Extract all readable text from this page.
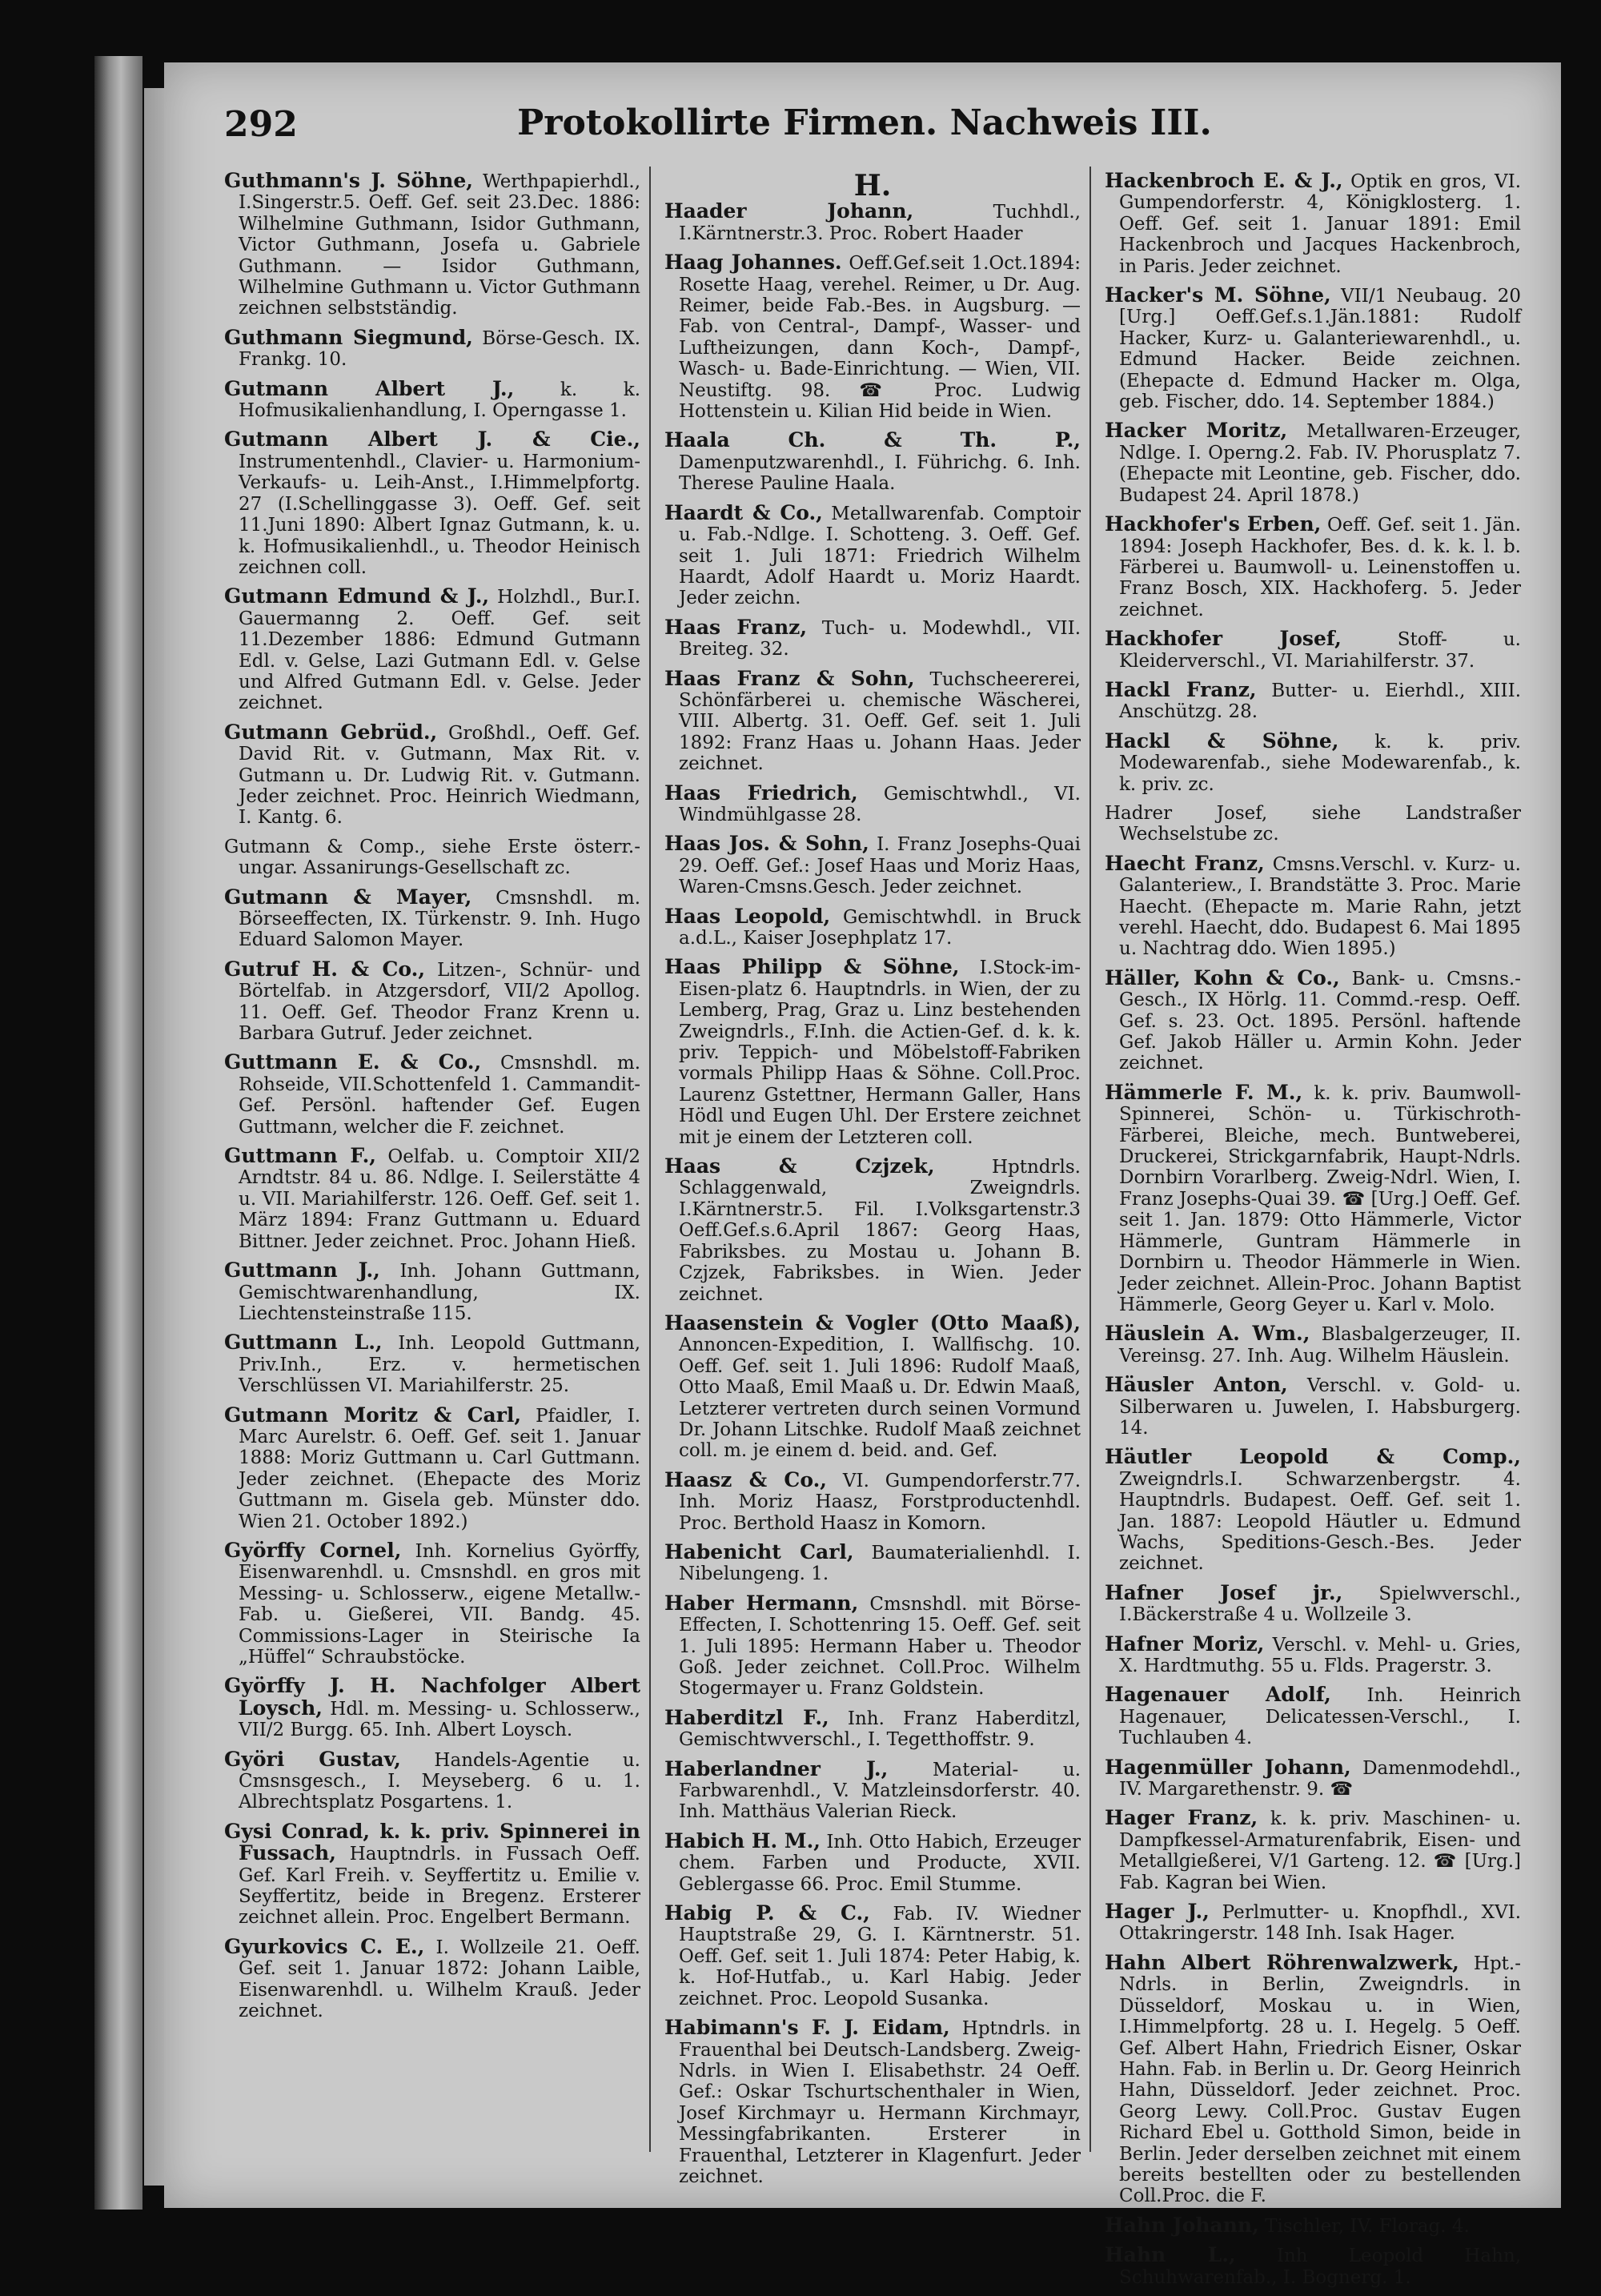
292	Protokollirte Firmen. Nachweis III.
Guthmann's J. Söhne, Werthpapierhdl., I.Singerstr.5. Oeff. Gef. seit 23.Dec. 1886: Wilhelmine Guthmann, Isidor Guthmann, Victor Guthmann, Josefa u. Gabriele Guthmann. — Isidor Guthmann, Wilhelmine Guthmann u. Victor Guthmann zeichnen selbstständig.
Guthmann Siegmund, Börse-Gesch. IX. Frankg. 10.
Gutmann Albert J.,	k. k. Hofmusikalienhandlung, I. Operngasse 1.
Gutmann Albert J. & Cie., Instrumentenhdl., Clavier- u. Harmonium-Verkaufs- u. Leih-Anst., I.Himmelpfortg. 27 (I.Schellinggasse 3). Oeff. Gef. seit 11.Juni 1890: Albert Ignaz Gutmann, k. u. k. Hofmusikalienhdl., u. Theodor Heinisch zeichnen coll.
Gutmann Edmund & J., Holzhdl., Bur.I. Gauermanng 2. Oeff. Gef. seit 11.Dezember 1886: Edmund Gutmann Edl. v. Gelse, Lazi Gutmann Edl. v. Gelse und Alfred Gutmann Edl. v. Gelse. Jeder zeichnet.
Gutmann Gebrüd., Großhdl., Oeff. Gef. David Rit. v. Gutmann, Max Rit. v. Gutmann u. Dr. Ludwig Rit. v. Gutmann. Jeder zeichnet. Proc. Heinrich Wiedmann, I. Kantg. 6.
Gutmann & Comp., siehe Erste österr.-ungar. Assanirungs-Gesellschaft zc.
Gutmann & Mayer, Cmsnshdl. m. Börseeffecten, IX. Türkenstr. 9. Inh. Hugo Eduard Salomon Mayer.
Gutruf H. & Co., Litzen-, Schnür- und Börtelfab. in Atzgersdorf, VII/2 Apollog. 11. Oeff. Gef. Theodor Franz Krenn u. Barbara Gutruf. Jeder zeichnet.
Guttmann E. & Co., Cmsnshdl. m. Rohseide, VII.Schottenfeld 1. Cammandit-Gef. Persönl. haftender Gef. Eugen Guttmann, welcher die F. zeichnet.
Guttmann F., Oelfab. u. Comptoir XII/2 Arndtstr. 84 u. 86. Ndlge. I. Seilerstätte 4 u. VII. Mariahilferstr. 126. Oeff. Gef. seit 1. März 1894: Franz Guttmann u. Eduard Bittner. Jeder zeichnet. Proc. Johann Hieß.
Guttmann J., Inh. Johann Guttmann, Gemischtwarenhandlung, IX. Liechtensteinstraße 115.
Guttmann L., Inh. Leopold Guttmann, Priv.Inh., Erz. v. hermetischen Verschlüssen VI. Mariahilferstr. 25.
Gutmann Moritz & Carl, Pfaidler, I. Marc Aurelstr. 6. Oeff. Gef. seit 1. Januar 1888: Moriz Guttmann u. Carl Guttmann. Jeder zeichnet. (Ehepacte des Moriz Guttmann m. Gisela geb. Münster ddo. Wien 21. October 1892.)
Györffy Cornel, Inh. Kornelius Györffy, Eisenwarenhdl. u. Cmsnshdl. en gros mit Messing- u. Schlosserw., eigene Metallw.-Fab. u. Gießerei, VII. Bandg. 45. Commissions-Lager in Steirische Ia „Hüffel“ Schraubstöcke.
Györffy J. H. Nachfolger Albert Loysch, Hdl. m. Messing- u. Schlosserw., VII/2 Burgg. 65. Inh. Albert Loysch.
Györi Gustav, Handels-Agentie u. Cmsnsgesch., I. Meyseberg. 6 u. 1. Albrechtsplatz Posgartens. 1.
Gysi Conrad, k. k. priv. Spinnerei in Fussach, Hauptndrls. in Fussach Oeff. Gef. Karl Freih. v. Seyffertitz u. Emilie v. Seyffertitz, beide in Bregenz. Ersterer zeichnet allein. Proc. Engelbert Bermann.
Gyurkovics C. E., I. Wollzeile 21. Oeff. Gef. seit 1. Januar 1872: Johann Laible, Eisenwarenhdl. u. Wilhelm Krauß. Jeder zeichnet.
H.
Haader Johann,	Tuchhdl., I.Kärntnerstr.3. Proc. Robert Haader
Haag Johannes. Oeff.Gef.seit 1.Oct.1894: Rosette Haag, verehel. Reimer, u Dr. Aug. Reimer, beide Fab.-Bes. in Augsburg. — Fab. von Central-, Dampf-, Wasser- und Luftheizungen, dann Koch-, Dampf-, Wasch- u. Bade-Einrichtung. — Wien, VII. Neustiftg. 98. ☎ Proc. Ludwig Hottenstein u. Kilian Hid beide in Wien.
Haala Ch. & Th. P., Damenputzwarenhdl., I. Führichg. 6. Inh. Therese Pauline Haala.
Haardt & Co., Metallwarenfab. Comptoir u. Fab.-Ndlge. I. Schotteng. 3. Oeff. Gef. seit 1. Juli 1871: Friedrich Wilhelm Haardt, Adolf Haardt u. Moriz Haardt. Jeder zeichn.
Haas Franz, Tuch- u. Modewhdl., VII. Breiteg. 32.
Haas Franz & Sohn, Tuchscheererei, Schönfärberei u. chemische Wäscherei, VIII. Albertg. 31. Oeff. Gef. seit 1. Juli 1892: Franz Haas u. Johann Haas. Jeder zeichnet.
Haas Friedrich, Gemischtwhdl., VI. Windmühlgasse 28.
Haas Jos. & Sohn, I. Franz Josephs-Quai 29. Oeff. Gef.: Josef Haas und Moriz Haas, Waren-Cmsns.Gesch. Jeder zeichnet.
Haas Leopold, Gemischtwhdl. in Bruck a.d.L., Kaiser Josephplatz 17.
Haas Philipp & Söhne, I.Stock-im-Eisen-platz 6. Hauptndrls. in Wien, der zu Lemberg, Prag, Graz u. Linz bestehenden Zweigndrls., F.Inh. die Actien-Gef. d. k. k. priv. Teppich- und Möbelstoff-Fabriken vormals Philipp Haas & Söhne. Coll.Proc. Laurenz Gstettner, Hermann Galler, Hans Hödl und Eugen Uhl. Der Erstere zeichnet mit je einem der Letzteren coll.
Haas & Czjzek,	Hptndrls. Schlaggenwald, Zweigndrls. I.Kärntnerstr.5. Fil. I.Volksgartenstr.3 Oeff.Gef.s.6.April 1867: Georg Haas, Fabriksbes. zu Mostau u. Johann B. Czjzek, Fabriksbes. in Wien. Jeder zeichnet.
Haasenstein & Vogler (Otto Maaß), Annoncen-Expedition, I. Wallfischg. 10. Oeff. Gef. seit 1. Juli 1896: Rudolf Maaß, Otto Maaß, Emil Maaß u. Dr. Edwin Maaß, Letzterer vertreten durch seinen Vormund Dr. Johann Litschke. Rudolf Maaß zeichnet coll. m. je einem d. beid. and. Gef.
Haasz & Co., VI. Gumpendorferstr.77. Inh. Moriz Haasz, Forstproductenhdl. Proc. Berthold Haasz in Komorn.
Habenicht Carl, Baumaterialienhdl. I. Nibelungeng. 1.
Haber Hermann, Cmsnshdl. mit Börse-Effecten, I. Schottenring 15. Oeff. Gef. seit 1. Juli 1895: Hermann Haber u. Theodor Goß. Jeder zeichnet. Coll.Proc. Wilhelm Stogermayer u. Franz Goldstein.
Haberditzl F., Inh. Franz Haberditzl, Gemischtwverschl., I. Tegetthoffstr. 9.
Haberlandner J., Material- u. Farbwarenhdl., V. Matzleinsdorferstr. 40. Inh. Matthäus Valerian Rieck.
Habich H. M., Inh. Otto Habich, Erzeuger chem. Farben und Producte, XVII. Geblergasse 66. Proc. Emil Stumme.
Habig P. & C., Fab. IV. Wiedner Hauptstraße 29, G. I. Kärntnerstr. 51. Oeff. Gef. seit 1. Juli 1874: Peter Habig, k. k. Hof-Hutfab., u. Karl Habig. Jeder zeichnet. Proc. Leopold Susanka.
Habimann's F. J. Eidam, Hptndrls. in Frauenthal bei Deutsch-Landsberg. Zweig-Ndrls. in Wien I. Elisabethstr. 24 Oeff. Gef.: Oskar Tschurtschenthaler in Wien, Josef Kirchmayr u. Hermann Kirchmayr, Messingfabrikanten. Ersterer in Frauenthal, Letzterer in Klagenfurt. Jeder zeichnet.
Hackenbroch E. & J., Optik en gros, VI. Gumpendorferstr. 4, Königklosterg. 1. Oeff. Gef. seit 1. Januar 1891: Emil Hackenbroch und Jacques Hackenbroch, in Paris. Jeder zeichnet.
Hacker's M. Söhne, VII/1 Neubaug. 20 [Urg.] Oeff.Gef.s.1.Jän.1881: Rudolf Hacker, Kurz- u. Galanteriewarenhdl., u. Edmund Hacker. Beide zeichnen. (Ehepacte d. Edmund Hacker m. Olga, geb. Fischer, ddo. 14. September 1884.)
Hacker Moritz, Metallwaren-Erzeuger, Ndlge. I. Operng.2. Fab. IV. Phorusplatz 7. (Ehepacte mit Leontine, geb. Fischer, ddo. Budapest 24. April 1878.)
Hackhofer's Erben, Oeff. Gef. seit 1. Jän. 1894: Joseph Hackhofer, Bes. d. k. k. l. b. Färberei u. Baumwoll- u. Leinenstoffen u. Franz Bosch, XIX. Hackhoferg. 5. Jeder zeichnet.
Hackhofer Josef,	Stoff- u. Kleiderverschl., VI. Mariahilferstr. 37.
Hackl Franz, Butter- u. Eierhdl., XIII. Anschützg. 28.
Hackl & Söhne, k. k. priv. Modewarenfab., siehe Modewarenfab., k. k. priv. zc.
Hadrer Josef, siehe Landstraßer Wechselstube zc.
Haecht Franz, Cmsns.Verschl. v. Kurz- u. Galanteriew., I. Brandstätte 3. Proc. Marie Haecht. (Ehepacte m. Marie Rahn, jetzt verehl. Haecht, ddo. Budapest 6. Mai 1895 u. Nachtrag ddo. Wien 1895.)
Häller, Kohn & Co., Bank- u. Cmsns.-Gesch., IX Hörlg. 11. Commd.-resp. Oeff. Gef. s. 23. Oct. 1895. Persönl. haftende Gef. Jakob Häller u. Armin Kohn. Jeder zeichnet.
Hämmerle F. M., k. k. priv. Baumwoll-Spinnerei, Schön- u. Türkischroth-Färberei, Bleiche, mech. Buntweberei, Druckerei, Strickgarnfabrik, Haupt-Ndrls. Dornbirn Vorarlberg. Zweig-Ndrl. Wien, I. Franz Josephs-Quai 39. ☎ [Urg.] Oeff. Gef. seit 1. Jan. 1879: Otto Hämmerle, Victor Hämmerle, Guntram Hämmerle in Dornbirn u. Theodor Hämmerle in Wien. Jeder zeichnet. Allein-Proc. Johann Baptist Hämmerle, Georg Geyer u. Karl v. Molo.
Häuslein A. Wm., Blasbalgerzeuger, II. Vereinsg. 27. Inh. Aug. Wilhelm Häuslein.
Häusler Anton, Verschl. v. Gold- u. Silberwaren u. Juwelen, I. Habsburgerg. 14.
Häutler Leopold & Comp., Zweigndrls.I. Schwarzenbergstr. 4. Hauptndrls. Budapest. Oeff. Gef. seit 1. Jan. 1887: Leopold Häutler u. Edmund Wachs, Speditions-Gesch.-Bes. Jeder zeichnet.
Hafner Josef jr., Spielwverschl., I.Bäckerstraße 4 u. Wollzeile 3.
Hafner Moriz, Verschl. v. Mehl- u. Gries, X. Hardtmuthg. 55 u. Flds. Pragerstr. 3.
Hagenauer Adolf, Inh. Heinrich Hagenauer, Delicatessen-Verschl., I. Tuchlauben 4.
Hagenmüller Johann, Damenmodehdl., IV. Margarethenstr. 9. ☎
Hager Franz, k. k. priv. Maschinen- u. Dampfkessel-Armaturenfabrik, Eisen- und Metallgießerei, V/1 Garteng. 12. ☎ [Urg.] Fab. Kagran bei Wien.
Hager J., Perlmutter- u. Knopfhdl., XVI. Ottakringerstr. 148 Inh. Isak Hager.
Hahn Albert Röhrenwalzwerk, Hpt.-Ndrls. in Berlin, Zweigndrls. in Düsseldorf, Moskau u. in Wien, I.Himmelpfortg. 28 u. I. Hegelg. 5 Oeff. Gef. Albert Hahn, Friedrich Eisner, Oskar Hahn. Fab. in Berlin u. Dr. Georg Heinrich Hahn, Düsseldorf. Jeder zeichnet. Proc. Georg Lewy. Coll.Proc. Gustav Eugen Richard Ebel u. Gotthold Simon, beide in Berlin. Jeder derselben zeichnet mit einem bereits bestellten oder zu bestellenden Coll.Proc. die F.
Hahn Johann, Tischler, IV. Florag. 4.
Hahn L., Inh Leopold Hahn, Schuhwarenfab., I. Bognerg. 1.
